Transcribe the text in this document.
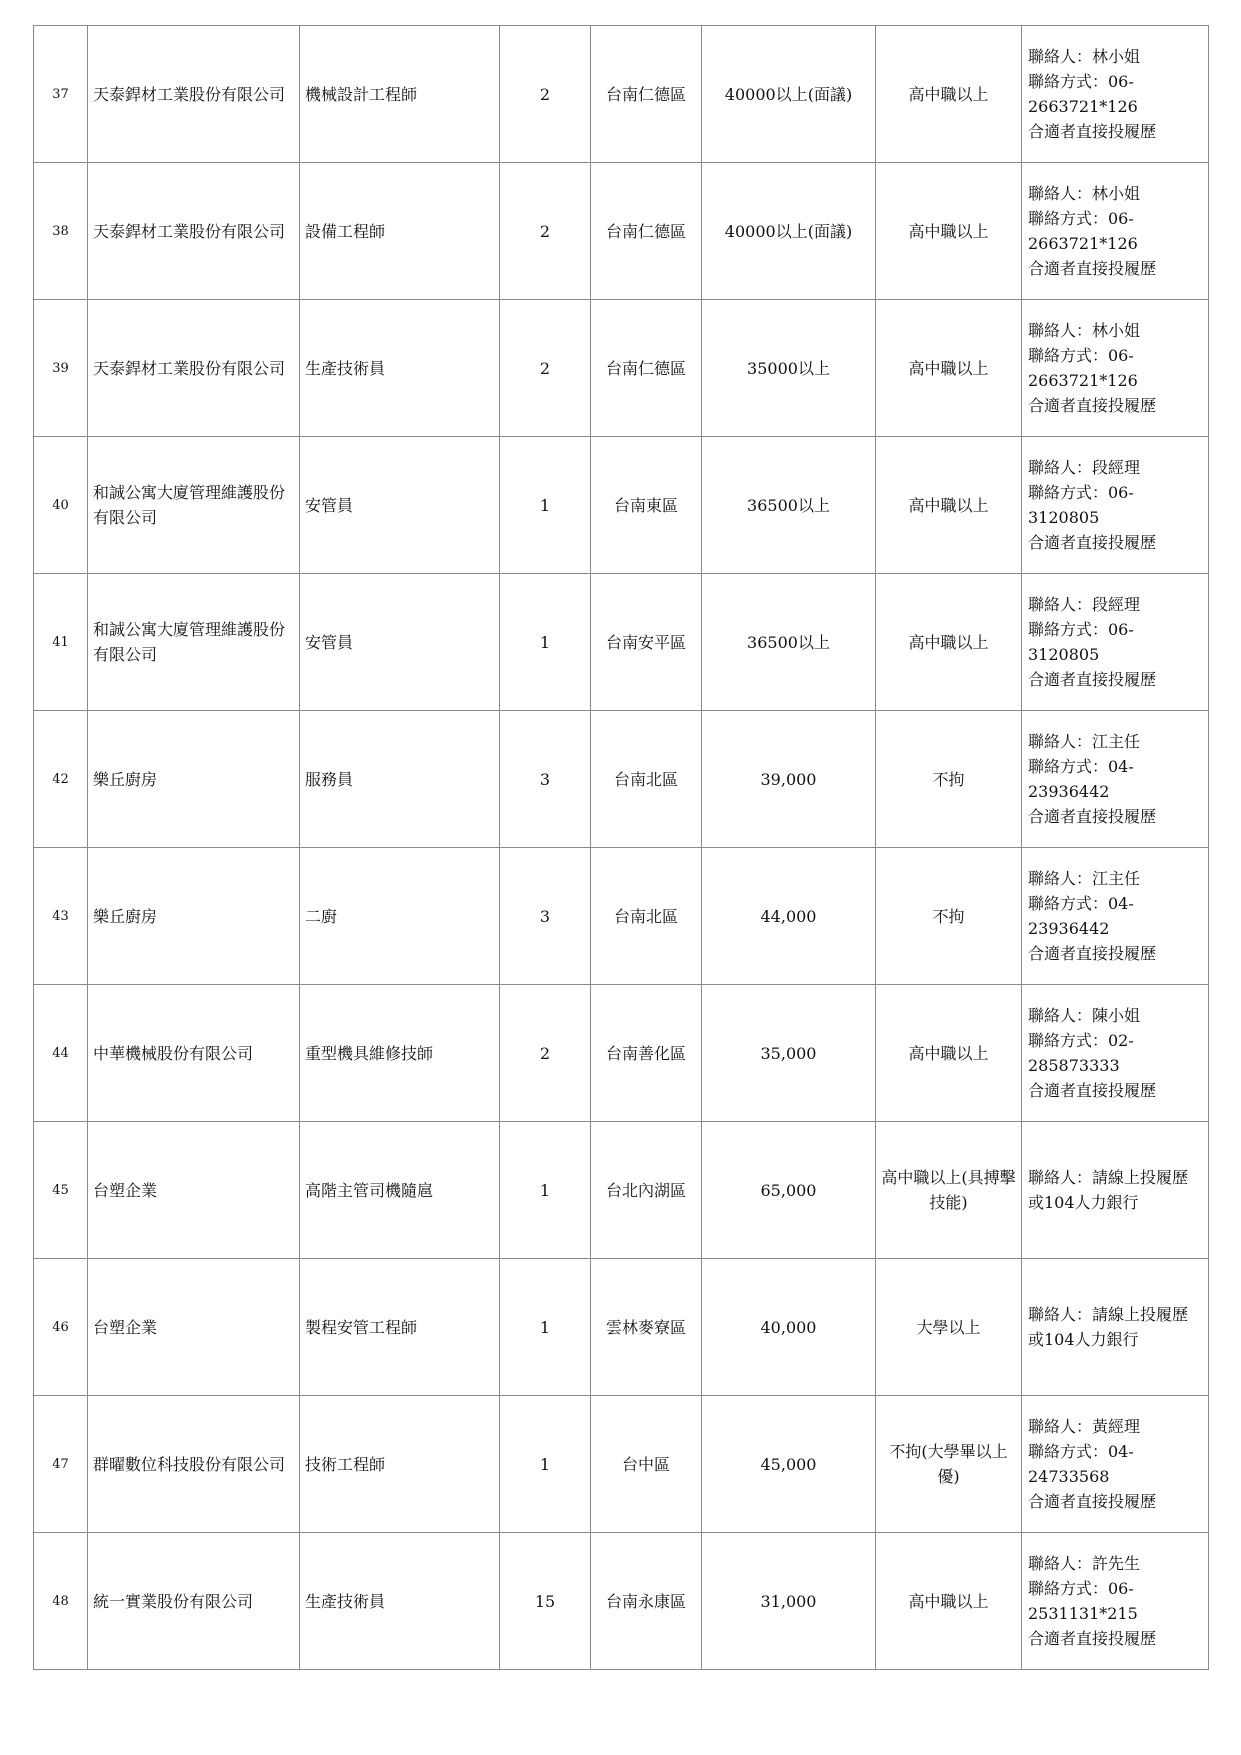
37	天泰銲材工業股份有限公司	機械設計工程師	2	台南仁德區	40000以上(面議)	高中職以上	聯絡人：林小姐
聯絡方式：06-
2663721*126
合適者直接投履歷

38	天泰銲材工業股份有限公司	設備工程師	2	台南仁德區	40000以上(面議)	高中職以上	聯絡人：林小姐
聯絡方式：06-
2663721*126
合適者直接投履歷

39	天泰銲材工業股份有限公司	生產技術員	2	台南仁德區	35000以上	高中職以上	聯絡人：林小姐
聯絡方式：06-
2663721*126
合適者直接投履歷

40	和誠公寓大廈管理維護股份有限公司	安管員	1	台南東區	36500以上	高中職以上	聯絡人：段經理
聯絡方式：06-
3120805
合適者直接投履歷

41	和誠公寓大廈管理維護股份有限公司	安管員	1	台南安平區	36500以上	高中職以上	聯絡人：段經理
聯絡方式：06-
3120805
合適者直接投履歷

42	樂丘廚房	服務員	3	台南北區	39,000	不拘	聯絡人：江主任
聯絡方式：04-
23936442
合適者直接投履歷

43	樂丘廚房	二廚	3	台南北區	44,000	不拘	聯絡人：江主任
聯絡方式：04-
23936442
合適者直接投履歷

44	中華機械股份有限公司	重型機具維修技師	2	台南善化區	35,000	高中職以上	聯絡人：陳小姐
聯絡方式：02-
285873333
合適者直接投履歷

45	台塑企業	高階主管司機隨扈	1	台北內湖區	65,000	高中職以上(具搏擊技能)	聯絡人：請線上投履歷或104人力銀行

46	台塑企業	製程安管工程師	1	雲林麥寮區	40,000	大學以上	聯絡人：請線上投履歷或104人力銀行

47	群曜數位科技股份有限公司	技術工程師	1	台中區	45,000	不拘(大學畢以上優)	聯絡人：黃經理
聯絡方式：04-
24733568
合適者直接投履歷

48	統一實業股份有限公司	生產技術員	15	台南永康區	31,000	高中職以上	聯絡人：許先生
聯絡方式：06-
2531131*215
合適者直接投履歷
